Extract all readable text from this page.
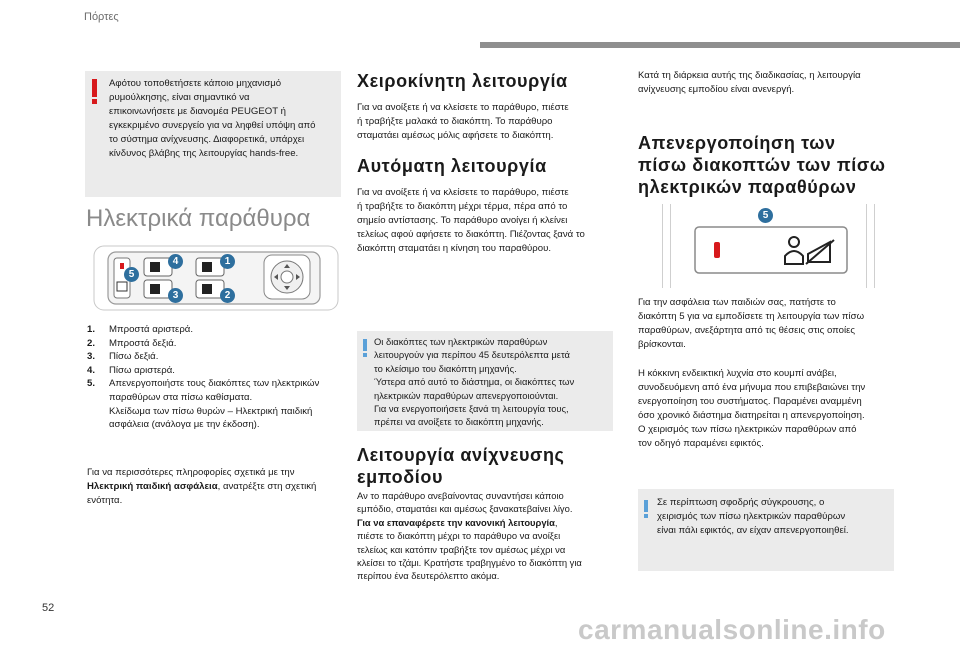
Πόρτες
Αφότου τοποθετήσετε κάποιο μηχανισμό
ρυμούλκησης, είναι σημαντικό να
επικοινωνήσετε με διανομέα PEUGEOT ή
εγκεκριμένο συνεργείο για να ληφθεί υπόψη από
το σύστημα ανίχνευσης. Διαφορετικά, υπάρχει
κίνδυνος βλάβης της λειτουργίας hands-free.
Ηλεκτρικά παράθυρα
4	1
5
3	2
1.	Μπροστά αριστερά.
2.	Μπροστά δεξιά.
3.	Πίσω δεξιά.
4.	Πίσω αριστερά.
5.	Απενεργοποιήστε τους διακόπτες των ηλεκτρικών
παραθύρων στα πίσω καθίσματα.
Κλείδωμα των πίσω θυρών – Ηλεκτρική παιδική
ασφάλεια (ανάλογα με την έκδοση).
Για να περισσότερες πληροφορίες σχετικά με την
Ηλεκτρική παιδική ασφάλεια, ανατρέξτε στη σχετική
ενότητα.
Χειροκίνητη λειτουργία
Για να ανοίξετε ή να κλείσετε το παράθυρο, πιέστε
ή τραβήξτε μαλακά το διακόπτη. Το παράθυρο
σταματάει αμέσως μόλις αφήσετε το διακόπτη.
Αυτόματη λειτουργία
Για να ανοίξετε ή να κλείσετε το παράθυρο, πιέστε
ή τραβήξτε το διακόπτη μέχρι τέρμα, πέρα από το
σημείο αντίστασης. Το παράθυρο ανοίγει ή κλείνει
τελείως αφού αφήσετε το διακόπτη. Πιέζοντας ξανά το
διακόπτη σταματάει η κίνηση του παραθύρου.
Οι διακόπτες των ηλεκτρικών παραθύρων
λειτουργούν για περίπου 45 δευτερόλεπτα μετά
το κλείσιμο του διακόπτη μηχανής.
Ύστερα από αυτό το διάστημα, οι διακόπτες των
ηλεκτρικών παραθύρων απενεργοποιούνται.
Για να ενεργοποιήσετε ξανά τη λειτουργία τους,
πρέπει να ανοίξετε το διακόπτη μηχανής.
Λειτουργία ανίχνευσης
εμποδίου
Αν το παράθυρο ανεβαίνοντας συναντήσει κάποιο
εμπόδιο, σταματάει και αμέσως ξανακατεβαίνει λίγο.
Για να επαναφέρετε την κανονική λειτουργία,
πιέστε το διακόπτη μέχρι το παράθυρο να ανοίξει
τελείως και κατόπιν τραβήξτε τον αμέσως μέχρι να
κλείσει το τζάμι. Κρατήστε τραβηγμένο το διακόπτη για
περίπου ένα δευτερόλεπτο ακόμα.
Κατά τη διάρκεια αυτής της διαδικασίας, η λειτουργία
ανίχνευσης εμποδίου είναι ανενεργή.
Απενεργοποίηση των
πίσω διακοπτών των πίσω
ηλεκτρικών παραθύρων
5
Για την ασφάλεια των παιδιών σας, πατήστε το
διακόπτη 5 για να εμποδίσετε τη λειτουργία των πίσω
παραθύρων, ανεξάρτητα από τις θέσεις στις οποίες
βρίσκονται.
Η κόκκινη ενδεικτική λυχνία στο κουμπί ανάβει,
συνοδευόμενη από ένα μήνυμα που επιβεβαιώνει την
ενεργοποίηση του συστήματος. Παραμένει αναμμένη
όσο χρονικό διάστημα διατηρείται η απενεργοποίηση.
Ο χειρισμός των πίσω ηλεκτρικών παραθύρων από
τον οδηγό παραμένει εφικτός.
Σε περίπτωση σφοδρής σύγκρουσης, ο
χειρισμός των πίσω ηλεκτρικών παραθύρων
είναι πάλι εφικτός, αν είχαν απενεργοποιηθεί.
52
carmanualsonline.info
